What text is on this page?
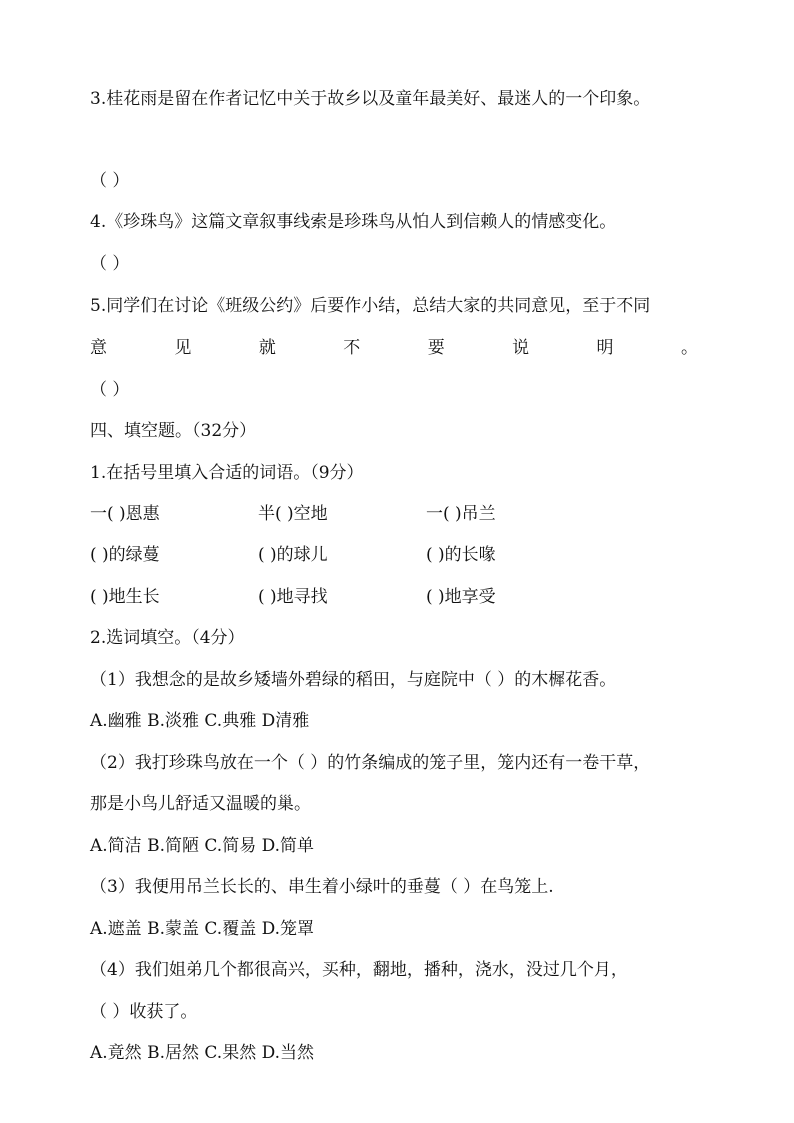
3.桂花雨是留在作者记忆中关于故乡以及童年最美好、最迷人的一个印象。
（ ）
4.《珍珠鸟》这篇文章叙事线索是珍珠鸟从怕人到信赖人的情感变化。
（ ）
5.同学们在讨论《班级公约》后要作小结，总结大家的共同意见，至于不同
意	见	就	不	要	说	明	。
（ ）
四、填空题。（32分）
1.在括号里填入合适的词语。（9分）
一( )恩惠	半( )空地	一( )吊兰
( )的绿蔓	( )的球儿	( )的长喙
( )地生长	( )地寻找	( )地享受
2.选词填空。（4分）
（1）我想念的是故乡矮墙外碧绿的稻田，与庭院中（ ）的木樨花香。
A.幽雅 B.淡雅 C.典雅 D清雅
（2）我打珍珠鸟放在一个（ ）的竹条编成的笼子里，笼内还有一卷干草，
那是小鸟儿舒适又温暖的巢。
A.简洁 B.简陋 C.简易 D.简单
（3）我便用吊兰长长的、串生着小绿叶的垂蔓（ ）在鸟笼上.
A.遮盖 B.蒙盖 C.覆盖 D.笼罩
（4）我们姐弟几个都很高兴，买种，翻地，播种，浇水，没过几个月，
（ ）收获了。
A.竟然 B.居然 C.果然 D.当然
